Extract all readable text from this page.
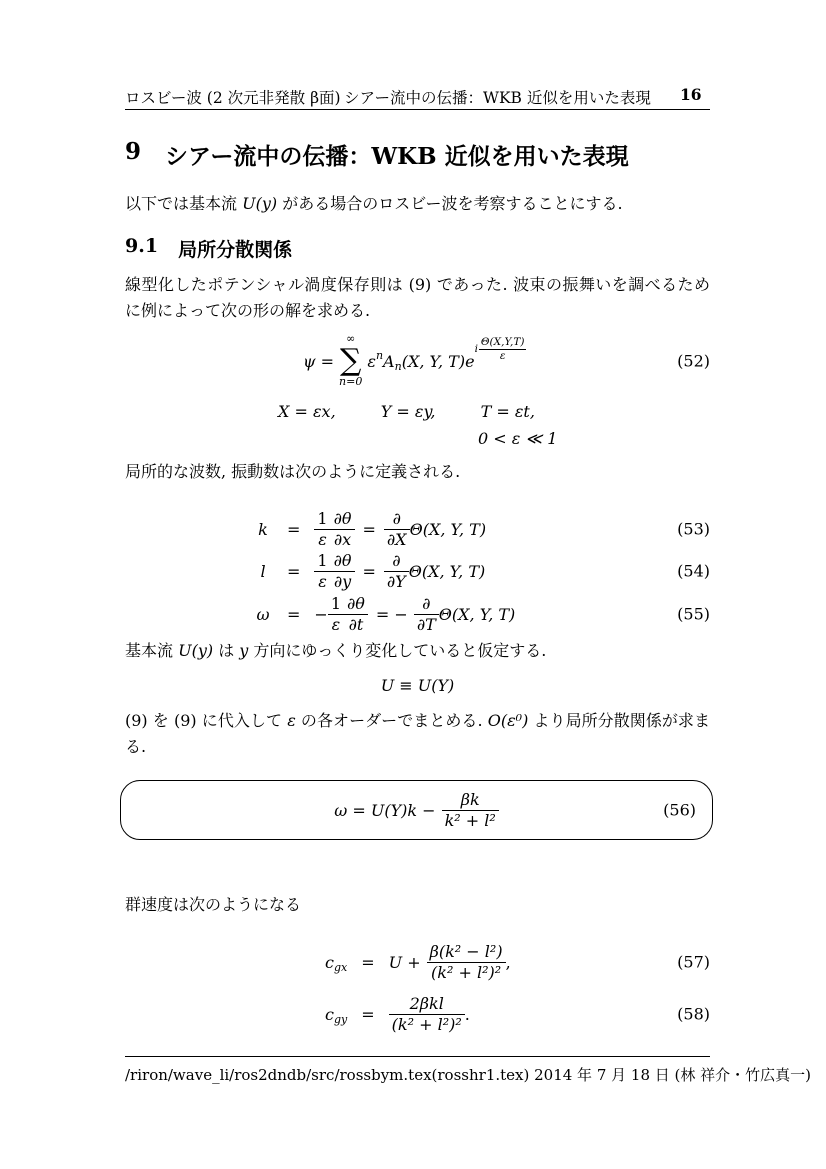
ロスビー波 (2 次元非発散 β面) シアー流中の伝播：WKB 近似を用いた表現 16
9 シアー流中の伝播：WKB 近似を用いた表現
以下では基本流 U(y) がある場合のロスビー波を考察することにする.
9.1 局所分散関係
線型化したポテンシャル渦度保存則は (9) であった. 波束の振舞いを調べるために例によって次の形の解を求める.
ψ =
∞
∑
n=0
ε n A n (X, Y, T)e
i $\frac{\Theta(X,Y,T)}{\varepsilon}$	(52)
X = εx,	Y = εy,	T = εt,
0 < ε ≪ 1
局所的な波数, 振動数は次のように定義される.
k	= $\frac{1}{\varepsilon} \frac{\partial\theta}{\partial x} = \frac{\partial}{\partial X} \Theta(X$, Y, T)	(53)
l	= $\frac{1}{\varepsilon} \frac{\partial\theta}{\partial y} = \frac{\partial}{\partial Y} \Theta(X$, Y, T)	(54)
ω = − $\frac{1}{\varepsilon} \frac{\partial\theta}{\partial t}$ = − $\frac{\partial}{\partial T} \Theta(X$, Y, T)	(55)
基本流 U(y) は y 方向にゆっくり変化していると仮定する.
U ≡ U(Y)
(9) を (9) に代入して ε の各オーダーでまとめる. O(ε⁰) より局所分散関係が求まる.
$\omega = U(Y)k - \frac{\beta k}{\text{k² + l²}}$	(56)
群速度は次のようになる
c gx = $U + \frac{\text{β(k² − l²)}}{\text{(k² + l²)²}}$ ,	(57)
c gy = $\frac{\text{2βkl}}{\text{(k² + l²)²}}$ .	(58)
/riron/wave_li/ros2dndb/src/rossbym.tex(rosshr1.tex) 2014 年 7 月 18 日 (林 祥介・竹広真一)
